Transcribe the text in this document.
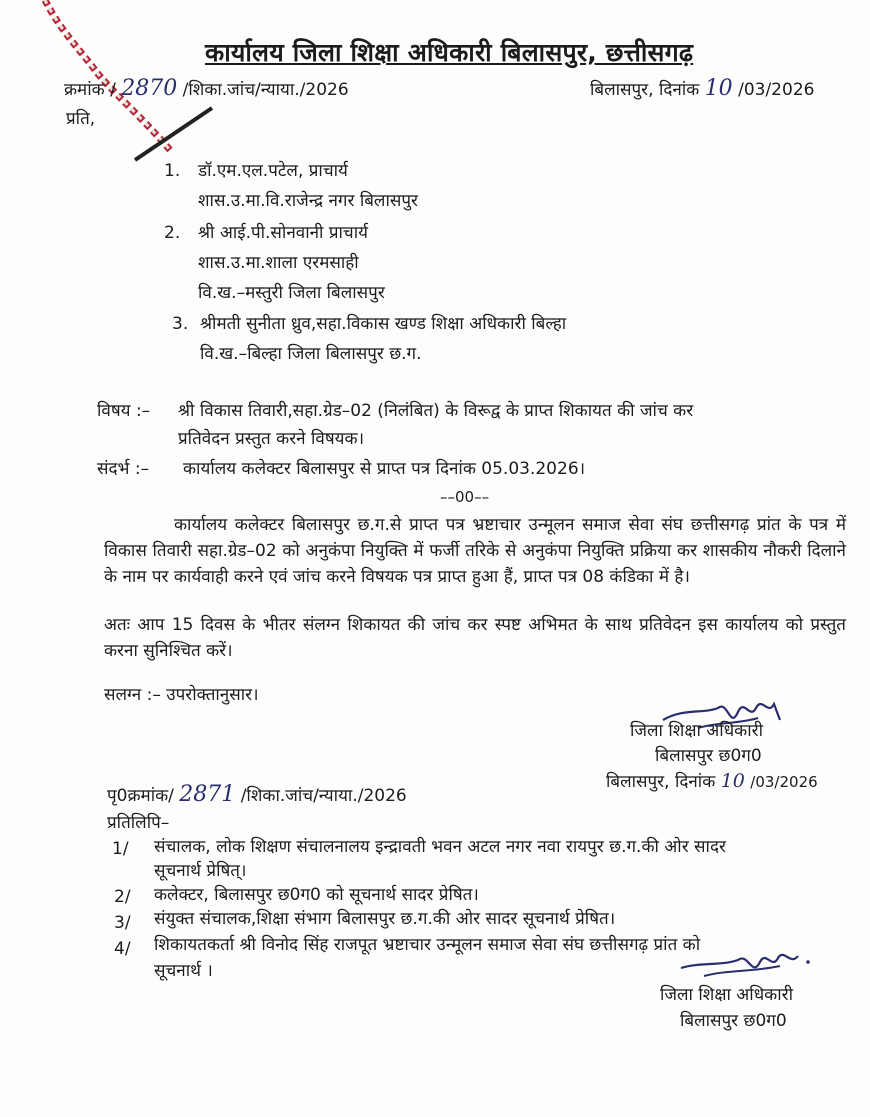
कार्यालय जिला शिक्षा अधिकारी बिलासपुर, छत्तीसगढ़
क्रमांक / 2870 /शिका.जांच/न्याया./2026	बिलासपुर, दिनांक 10 /03/2026
प्रति,
1. डॉ.एम.एल.पटेल, प्राचार्य
शास.उ.मा.वि.राजेन्द्र नगर बिलासपुर
2. श्री आई.पी.सोनवानी प्राचार्य
शास.उ.मा.शाला एरमसाही
वि.ख.–मस्तुरी जिला बिलासपुर
3. श्रीमती सुनीता ध्रुव,सहा.विकास खण्ड शिक्षा अधिकारी बिल्हा
वि.ख.–बिल्हा जिला बिलासपुर छ.ग.
विषय :– श्री विकास तिवारी,सहा.ग्रेड–02 (निलंबित) के विरूद्व के प्राप्त शिकायत की जांच कर
प्रतिवेदन प्रस्तुत करने विषयक।
संदर्भ :– कार्यालय कलेक्टर बिलासपुर से प्राप्त पत्र दिनांक 05.03.2026।
––00––
कार्यालय कलेक्टर बिलासपुर छ.ग.से प्राप्त पत्र भ्रष्टाचार उन्मूलन समाज सेवा संघ छत्तीसगढ़ प्रांत के पत्र में विकास तिवारी सहा.ग्रेड–02 को अनुकंपा नियुक्ति में फर्जी तरिके से अनुकंपा नियुक्ति प्रक्रिया कर शासकीय नौकरी दिलाने के नाम पर कार्यवाही करने एवं जांच करने विषयक पत्र प्राप्त हुआ हैं, प्राप्त पत्र 08 कंडिका में है।
अतः आप 15 दिवस के भीतर संलग्न शिकायत की जांच कर स्पष्ट अभिमत के साथ प्रतिवेदन इस कार्यालय को प्रस्तुत करना सुनिश्चित करें।
सलग्न :– उपरोक्तानुसार।
जिला शिक्षा अधिकारी
बिलासपुर छ0ग0
बिलासपुर, दिनांक 10 /03/2026
पृ0क्रमांक/ 2871 /शिका.जांच/न्याया./2026
प्रतिलिपि–
1/ संचालक, लोक शिक्षण संचालनालय इन्द्रावती भवन अटल नगर नवा रायपुर छ.ग.की ओर सादर
सूचनार्थ प्रेषित्।
2/ कलेक्टर, बिलासपुर छ0ग0 को सूचनार्थ सादर प्रेषित।
3/ संयुक्त संचालक,शिक्षा संभाग बिलासपुर छ.ग.की ओर सादर सूचनार्थ प्रेषित।
4/ शिकायतकर्ता श्री विनोद सिंह राजपूत भ्रष्टाचार उन्मूलन समाज सेवा संघ छत्तीसगढ़ प्रांत को
सूचनार्थ ।
जिला शिक्षा अधिकारी
बिलासपुर छ0ग0
